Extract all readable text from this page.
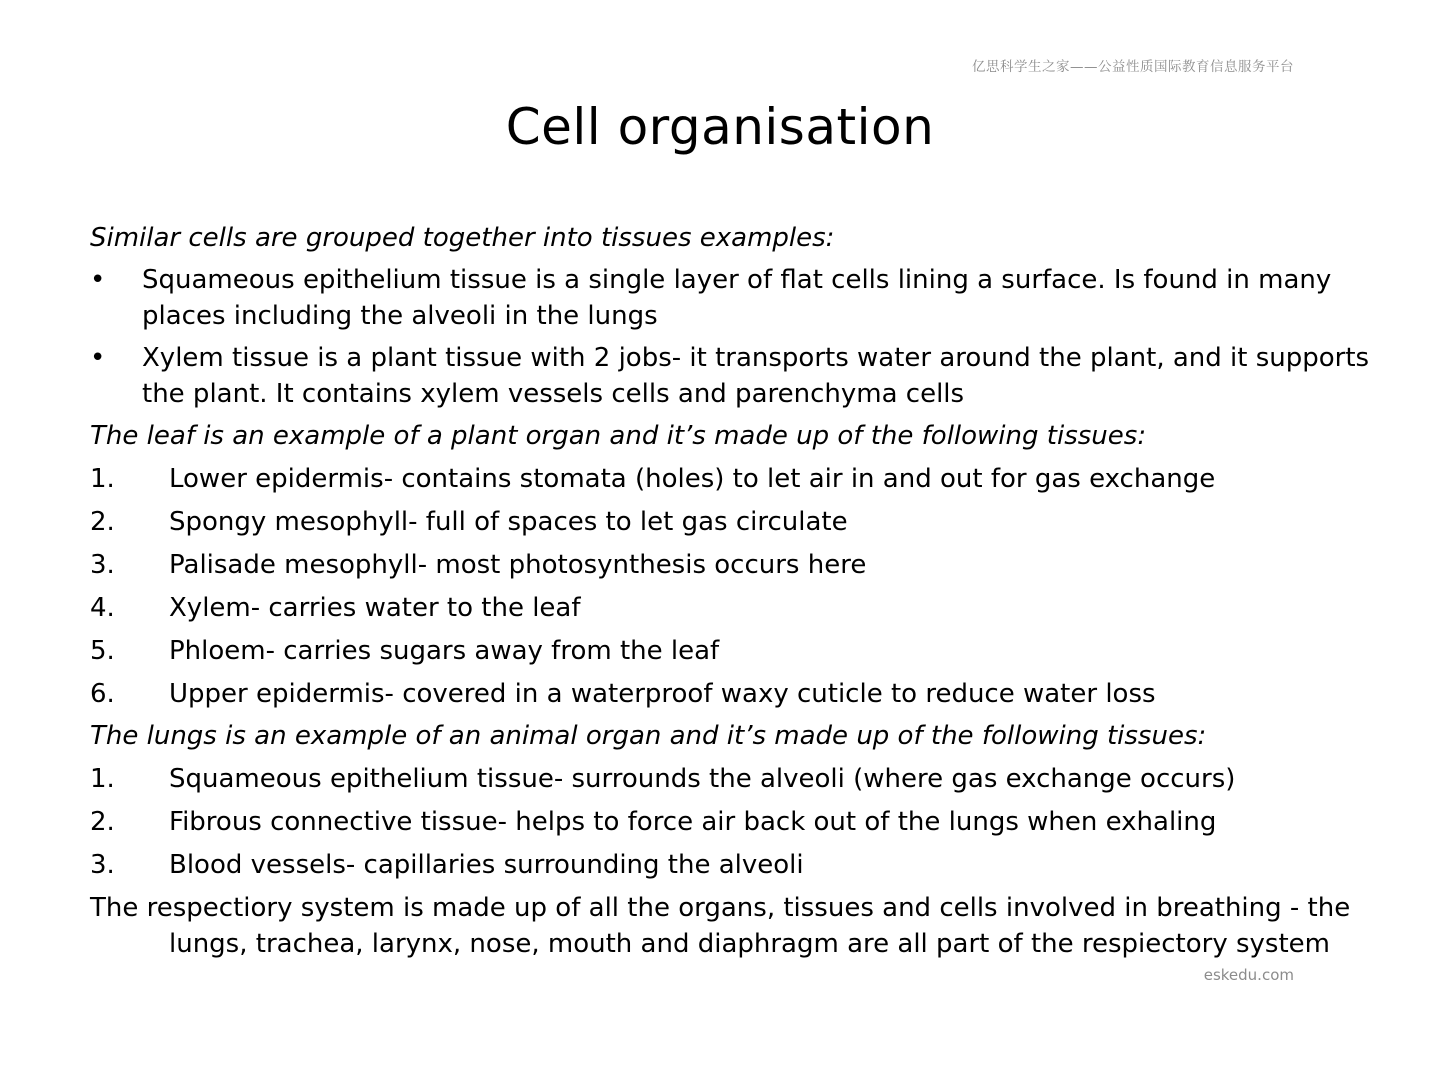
亿思科学生之家——公益性质国际教育信息服务平台
Cell organisation

Similar cells are grouped together into tissues examples:

•	Squameous epithelium tissue is a single layer of flat cells lining a surface. Is found in many places including the alveoli in the lungs
•	Xylem tissue is a plant tissue with 2 jobs- it transports water around the plant, and it supports the plant. It contains xylem vessels cells and parenchyma cells

The leaf is an example of a plant organ and it’s made up of the following tissues:

1.	Lower epidermis- contains stomata (holes) to let air in and out for gas exchange
2.	Spongy mesophyll- full of spaces to let gas circulate
3.	Palisade mesophyll- most photosynthesis occurs here
4.	Xylem- carries water to the leaf
5.	Phloem- carries sugars away from the leaf
6.	Upper epidermis- covered in a waterproof waxy cuticle to reduce water loss

The lungs is an example of an animal organ and it’s made up of the following tissues:

1.	Squameous epithelium tissue- surrounds the alveoli (where gas exchange occurs)
2.	Fibrous connective tissue- helps to force air back out of the lungs when exhaling
3.	Blood vessels- capillaries surrounding the alveoli

The respectiory system is made up of all the organs, tissues and cells involved in breathing - the lungs, trachea, larynx, nose, mouth and diaphragm are all part of the respiectory system

eskedu.com
